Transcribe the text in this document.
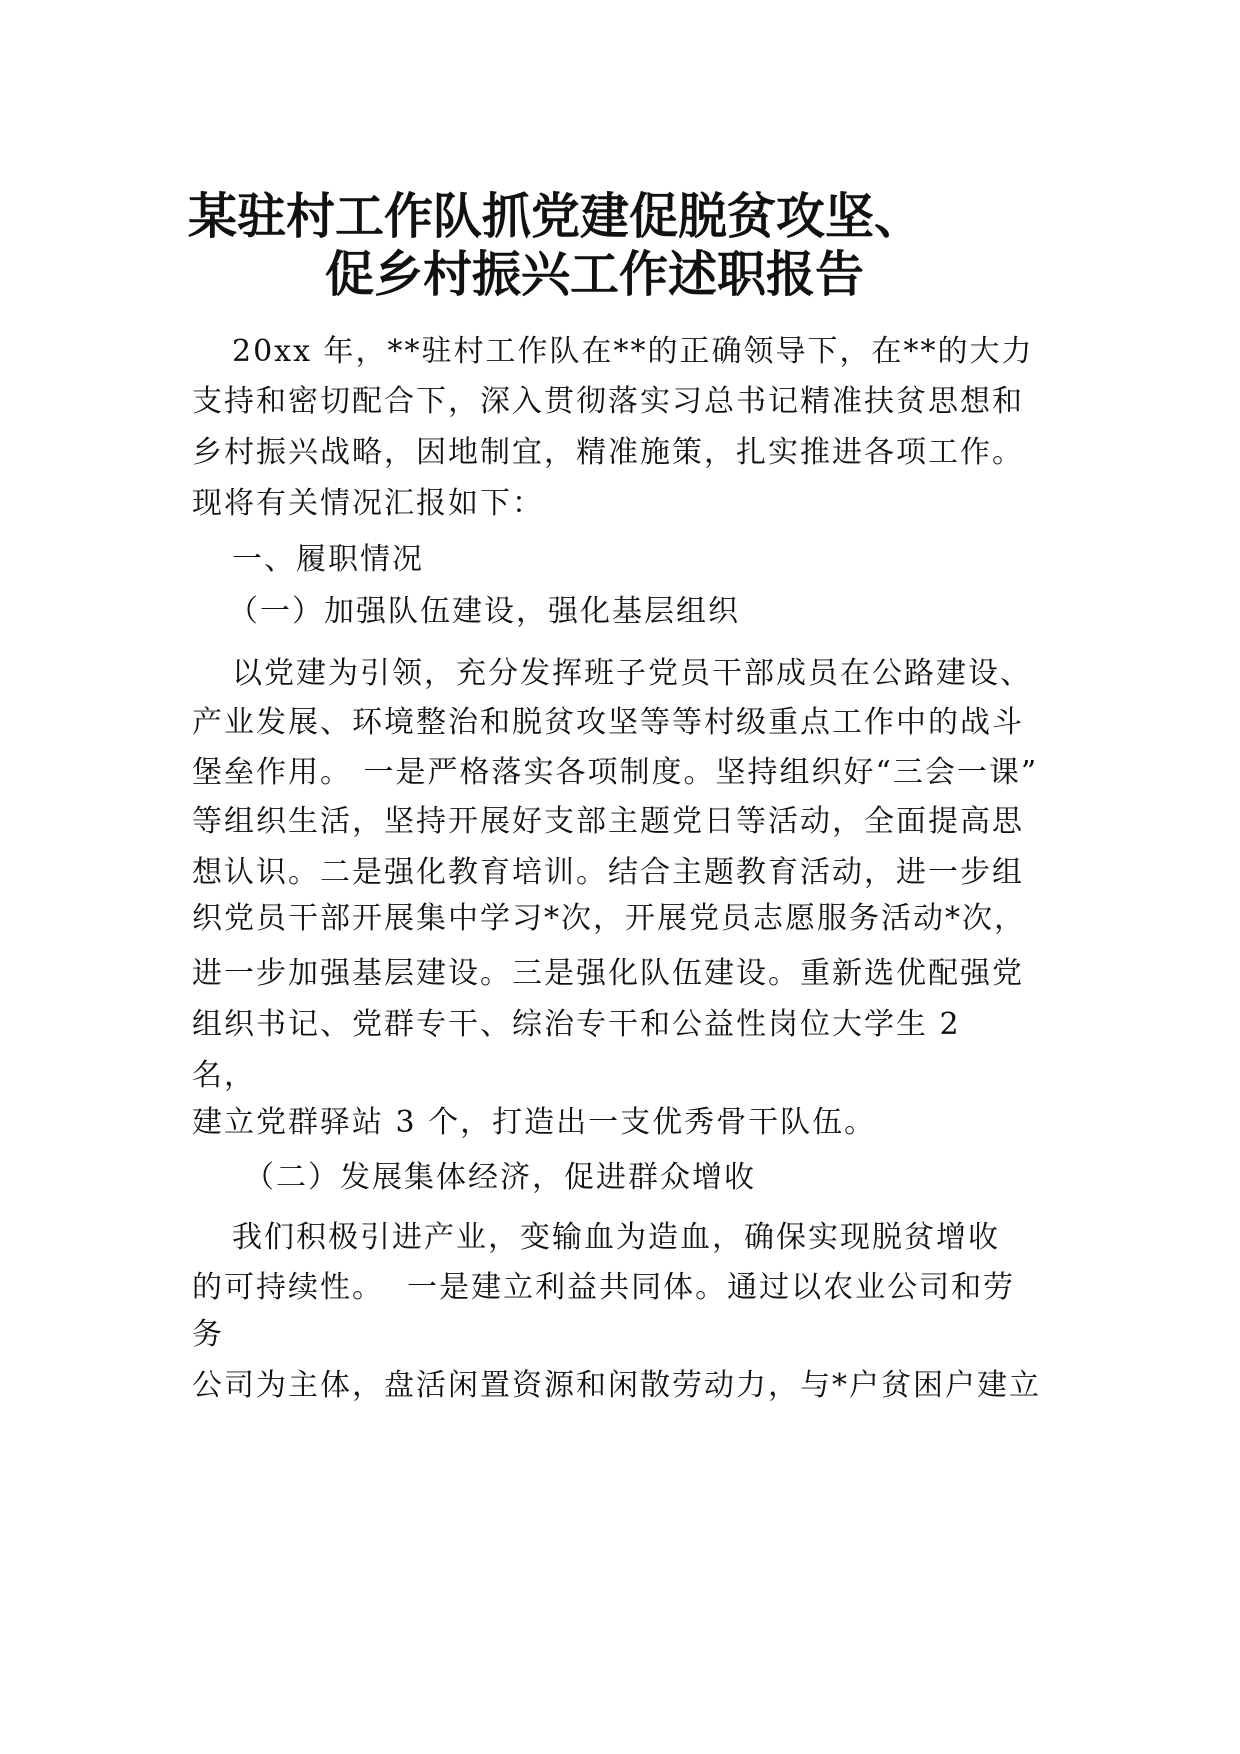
某驻村工作队抓党建促脱贫攻坚、
促乡村振兴工作述职报告
20xx 年，**驻村工作队在**的正确领导下，在**的大力
支持和密切配合下，深入贯彻落实习总书记精准扶贫思想和
乡村振兴战略，因地制宜，精准施策，扎实推进各项工作。
现将有关情况汇报如下：
一、履职情况
（一）加强队伍建设，强化基层组织
以党建为引领，充分发挥班子党员干部成员在公路建设、
产业发展、环境整治和脱贫攻坚等等村级重点工作中的战斗
堡垒作用。 一是严格落实各项制度。坚持组织好“三会一课”
等组织生活，坚持开展好支部主题党日等活动，全面提高思
想认识。二是强化教育培训。结合主题教育活动，进一步组
织党员干部开展集中学习*次，开展党员志愿服务活动*次，
进一步加强基层建设。三是强化队伍建设。重新选优配强党
组织书记、党群专干、综治专干和公益性岗位大学生 2
名，
建立党群驿站 3 个，打造出一支优秀骨干队伍。
（二）发展集体经济，促进群众增收
我们积极引进产业，变输血为造血，确保实现脱贫增收
的可持续性。  一是建立利益共同体。通过以农业公司和劳
务
公司为主体，盘活闲置资源和闲散劳动力，与*户贫困户建立
